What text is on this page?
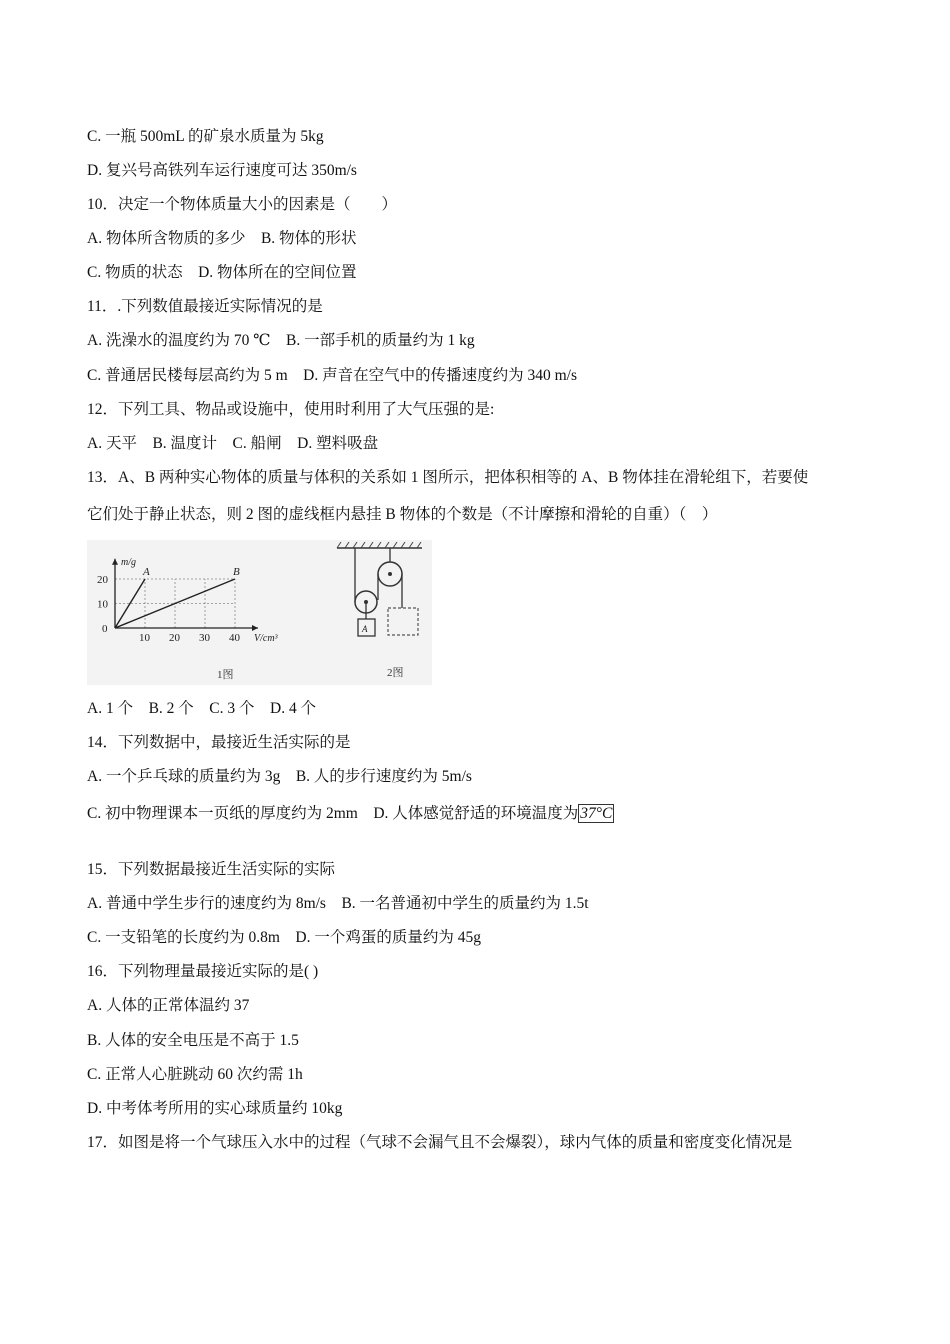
C. 一瓶 500mL 的矿泉水质量为 5kg
D. 复兴号高铁列车运行速度可达 350m/s
10．决定一个物体质量大小的因素是（　　）
A. 物体所含物质的多少　B. 物体的形状
C. 物质的状态　D. 物体所在的空间位置
11．.下列数值最接近实际情况的是
A. 洗澡水的温度约为 70 ℃　B. 一部手机的质量约为 1 kg
C. 普通居民楼每层高约为 5 m　D. 声音在空气中的传播速度约为 340 m/s
12．下列工具、物品或设施中，使用时利用了大气压强的是:
A. 天平　B. 温度计　C. 船闸　D. 塑料吸盘
13．A、B 两种实心物体的质量与体积的关系如 1 图所示，把体积相等的 A、B 物体挂在滑轮组下，若要使
它们处于静止状态，则 2 图的虚线框内悬挂 B 物体的个数是（不计摩擦和滑轮的自重）（　）
10 20 30 40
0
10
20
m/g
V/cm³
A	B
A
2图
1图
A. 1 个　B. 2 个　C. 3 个　D. 4 个
14．下列数据中，最接近生活实际的是
A. 一个乒乓球的质量约为 3g　B. 人的步行速度约为 5m/s
C. 初中物理课本一页纸的厚度约为 2mm　D. 人体感觉舒适的环境温度为 37°C
15．下列数据最接近生活实际的实际
A. 普通中学生步行的速度约为 8m/s　B. 一名普通初中学生的质量约为 1.5t
C. 一支铅笔的长度约为 0.8m　D. 一个鸡蛋的质量约为 45g
16．下列物理量最接近实际的是( )
A. 人体的正常体温约 37
B. 人体的安全电压是不高于 1.5
C. 正常人心脏跳动 60 次约需 1h
D. 中考体考所用的实心球质量约 10kg
17．如图是将一个气球压入水中的过程（气球不会漏气且不会爆裂），球内气体的质量和密度变化情况是
